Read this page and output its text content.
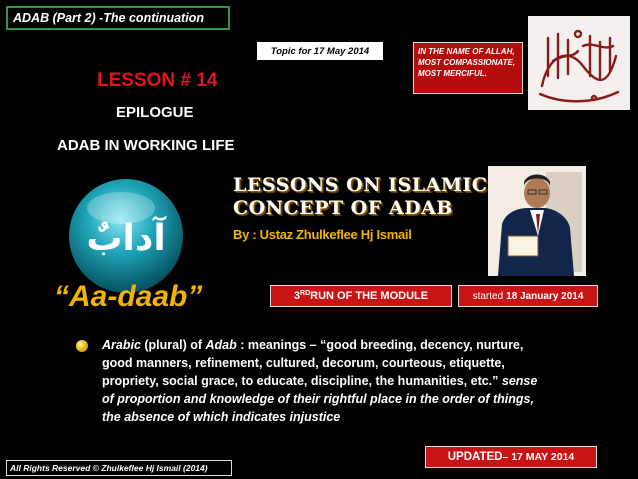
ADAB (Part 2) -The continuation
Topic for 17 May 2014	IN THE NAME OF ALLAH, MOST COMPASSIONATE, MOST MERCIFUL.
LESSON # 14
EPILOGUE
ADAB IN WORKING LIFE
آدابٌ
LESSONS ON ISLAMIC
CONCEPT OF ADAB
By : Ustaz Zhulkeflee Hj Ismail
“Aa-daab”	3RD RUN OF THE MODULE	started 18 January 2014
Arabic (plural) of Adab : meanings – “good breeding, decency, nurture, good manners, refinement, cultured, decorum, courteous, etiquette, propriety, social grace, to educate, discipline, the humanities, etc.” sense of proportion and knowledge of their rightful place in the order of things, the absence of which indicates injustice
UPDATED – 17 MAY 2014
All Rights Reserved © Zhulkeflee Hj Ismail (2014)
